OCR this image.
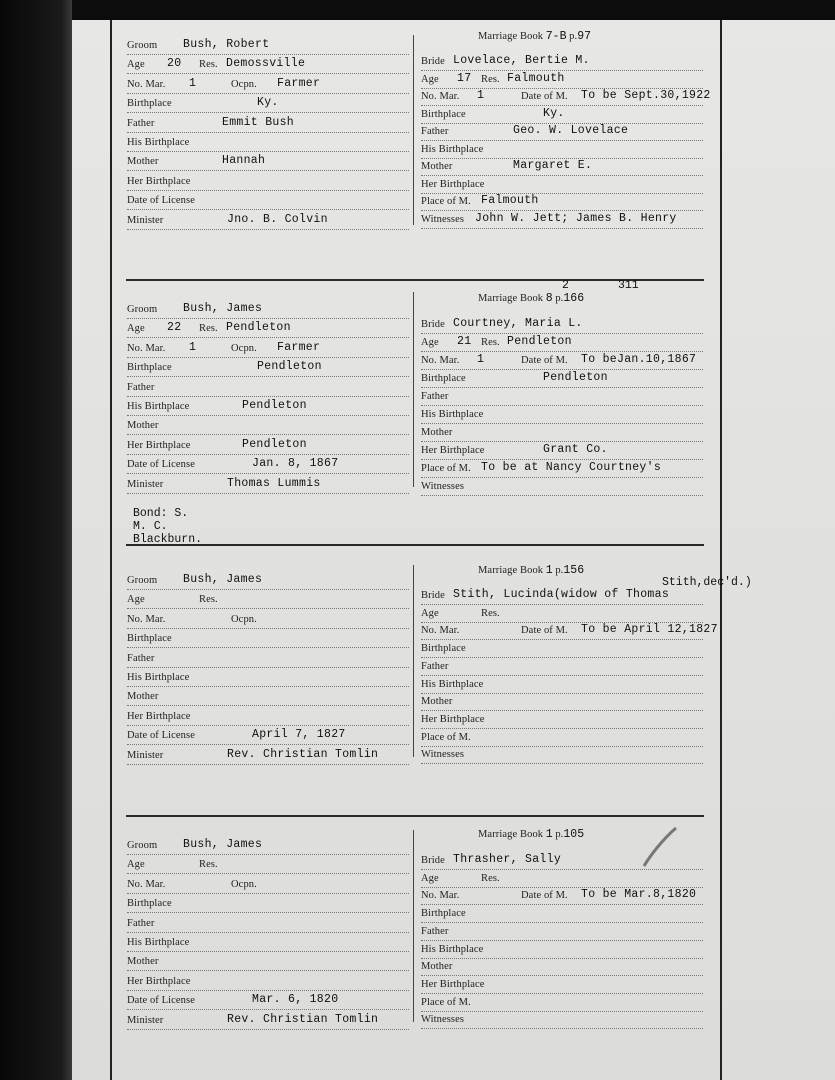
Groom Bush, Robert
Age 20 Res. Demossville
No. Mar. 1	Ocpn. Farmer
Birthplace	Ky.
Father	Emmit Bush
His Birthplace
Mother	Hannah
Her Birthplace
Date of License
Minister	Jno. B. Colvin
Marriage Book 7-B p.97
Bride Lovelace, Bertie M.
Age 17 Res. Falmouth
No. Mar. 1	Date of M. To be Sept.30,1922
Birthplace	Ky.
Father	Geo. W. Lovelace
His Birthplace
Mother	Margaret E.
Her Birthplace
Place of M. Falmouth
Witnesses John W. Jett; James B. Henry
Groom Bush, James
Age 22 Res. Pendleton
No. Mar. 1	Ocpn. Farmer
Birthplace	Pendleton
Father
His Birthplace	Pendleton
Mother
Her Birthplace	Pendleton
Date of License	Jan. 8, 1867
Minister	Thomas Lummis
Marriage Book 8 p.166
2	311
Bride Courtney, Maria L.
Age 21 Res. Pendleton
No. Mar. 1	Date of M. To beJan.10,1867
Birthplace	Pendleton
Father
His Birthplace
Mother
Her Birthplace	Grant Co.
Place of M. To be at Nancy Courtney's
Witnesses
Bond: S. M. C. Blackburn.
Groom Bush, James
Age	Res.
No. Mar.	Ocpn.
Birthplace
Father
His Birthplace
Mother
Her Birthplace
Date of License	April 7, 1827
Minister	Rev. Christian Tomlin
Marriage Book 1 p.156
Bride Stith, Lucinda(widow of Thomas
Age	Res.
No. Mar.	Date of M. To be April 12,1827
Birthplace
Father
His Birthplace
Mother
Her Birthplace
Place of M.
Witnesses
Stith,dec'd.)
Groom Bush, James
Age	Res.
No. Mar.	Ocpn.
Birthplace
Father
His Birthplace
Mother
Her Birthplace
Date of License	Mar. 6, 1820
Minister	Rev. Christian Tomlin
Marriage Book 1 p.105
Bride Thrasher, Sally
Age	Res.
No. Mar.	Date of M. To be Mar.8,1820
Birthplace
Father
His Birthplace
Mother
Her Birthplace
Place of M.
Witnesses
